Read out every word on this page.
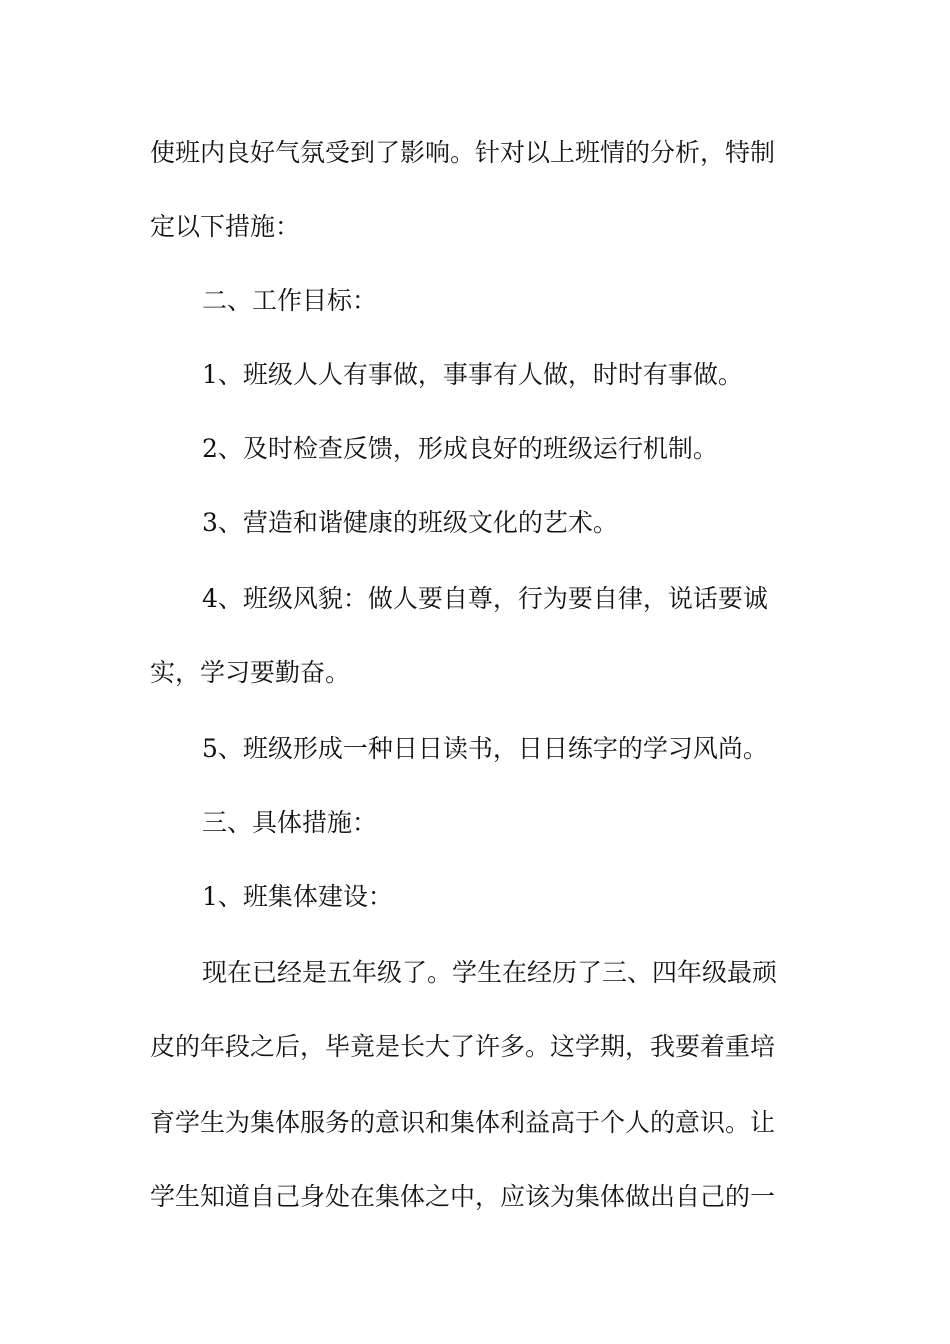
使班内良好气氛受到了影响。针对以上班情的分析，特制
定以下措施：
二、工作目标：
1、班级人人有事做，事事有人做，时时有事做。
2、及时检查反馈，形成良好的班级运行机制。
3、营造和谐健康的班级文化的艺术。
4、班级风貌：做人要自尊，行为要自律，说话要诚
实，学习要勤奋。
5、班级形成一种日日读书，日日练字的学习风尚。
三、具体措施：
1、班集体建设：
现在已经是五年级了。学生在经历了三、四年级最顽
皮的年段之后，毕竟是长大了许多。这学期，我要着重培
育学生为集体服务的意识和集体利益高于个人的意识。让
学生知道自己身处在集体之中，应该为集体做出自己的一
